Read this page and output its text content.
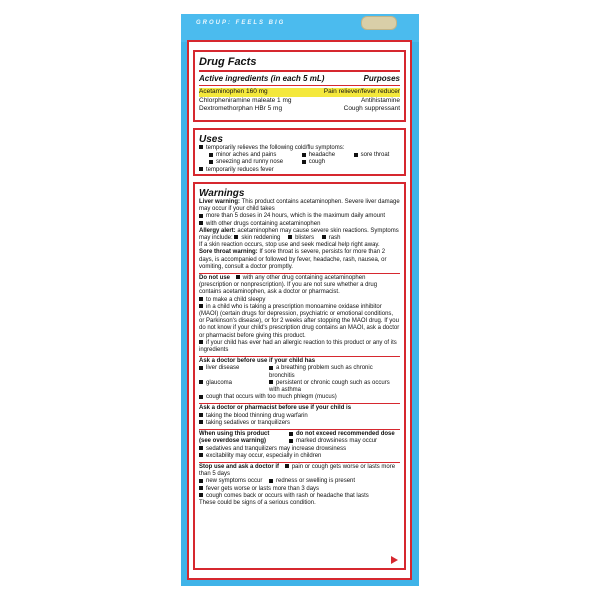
GROUP: FEELS BIG
Drug Facts
Active ingredients (in each 5 mL)	Purposes
Acetaminophen 160 mg	Pain reliever/fever reducer
Chlorpheniramine maleate 1 mg	Antihistamine
Dextromethorphan HBr 5 mg	Cough suppressant
Uses
temporarily relieves the following cold/flu symptoms:
minor aches and pains	headache	sore throat
sneezing and runny nose	cough
temporarily reduces fever
Warnings
Liver warning: This product contains acetaminophen. Severe liver damage may occur if your child takes
more than 5 doses in 24 hours, which is the maximum daily amount
with other drugs containing acetaminophen
Allergy alert: acetaminophen may cause severe skin reactions. Symptoms may include: skin reddening blisters rash
If a skin reaction occurs, stop use and seek medical help right away.
Sore throat warning: If sore throat is severe, persists for more than 2 days, is accompanied or followed by fever, headache, rash, nausea, or vomiting, consult a doctor promptly.
Do not use with any other drug containing acetaminophen (prescription or nonprescription). If you are not sure whether a drug contains acetaminophen, ask a doctor or pharmacist.
to make a child sleepy
in a child who is taking a prescription monoamine oxidase inhibitor (MAOI) (certain drugs for depression, psychiatric or emotional conditions, or Parkinson's disease), or for 2 weeks after stopping the MAOI drug. If you do not know if your child's prescription drug contains an MAOI, ask a doctor or pharmacist before giving this product.
if your child has ever had an allergic reaction to this product or any of its ingredients
Ask a doctor before use if your child has
liver disease	a breathing problem such as chronic bronchitis
glaucoma	persistent or chronic cough such as occurs with asthma
cough that occurs with too much phlegm (mucus)
Ask a doctor or pharmacist before use if your child is
taking the blood thinning drug warfarin
taking sedatives or tranquilizers
When using this product	do not exceed recommended dose
(see overdose warning)	marked drowsiness may occur
sedatives and tranquilizers may increase drowsiness
excitability may occur, especially in children
Stop use and ask a doctor if pain or cough gets worse or lasts more than 5 days
new symptoms occur	redness or swelling is present
fever gets worse or lasts more than 3 days
cough comes back or occurs with rash or headache that lasts
These could be signs of a serious condition.
